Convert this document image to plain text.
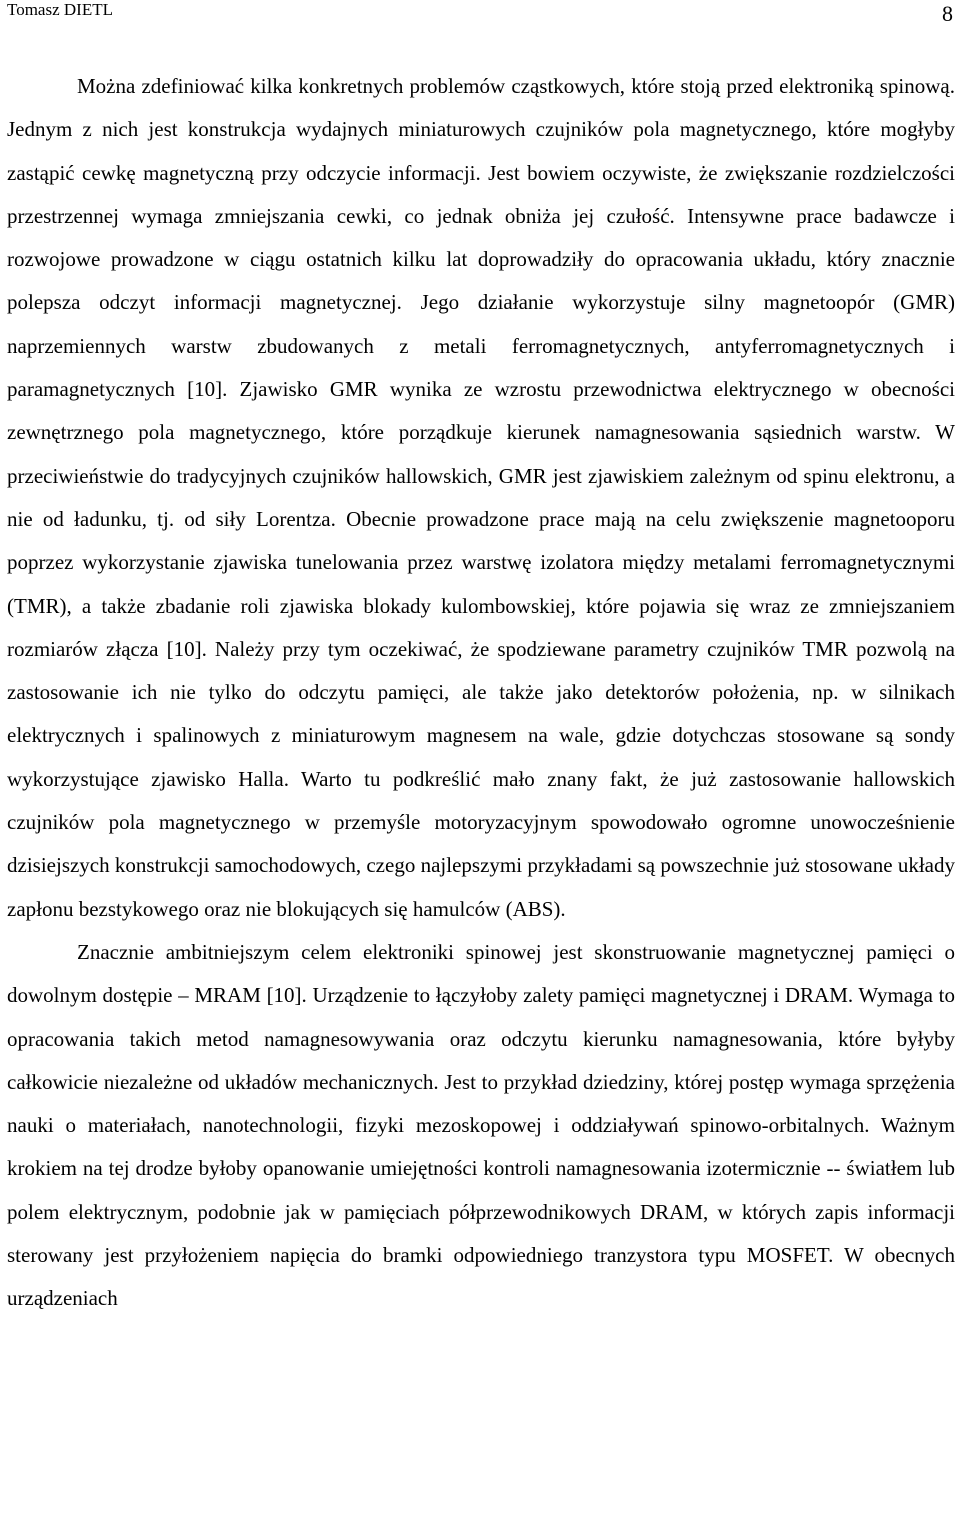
Tomasz DIETL	8

Można zdefiniować kilka konkretnych problemów cząstkowych, które stoją przed elektroniką spinową. Jednym z nich jest konstrukcja wydajnych miniaturowych czujników pola magnetycznego, które mogłyby zastąpić cewkę magnetyczną przy odczycie informacji. Jest bowiem oczywiste, że zwiększanie rozdzielczości przestrzennej wymaga zmniejszania cewki, co jednak obniża jej czułość. Intensywne prace badawcze i rozwojowe prowadzone w ciągu ostatnich kilku lat doprowadziły do opracowania układu, który znacznie polepsza odczyt informacji magnetycznej. Jego działanie wykorzystuje silny magnetoopór (GMR) naprzemiennych warstw zbudowanych z metali ferromagnetycznych, antyferromagnetycznych i paramagnetycznych [10]. Zjawisko GMR wynika ze wzrostu przewodnictwa elektrycznego w obecności zewnętrznego pola magnetycznego, które porządkuje kierunek namagnesowania sąsiednich warstw. W przeciwieństwie do tradycyjnych czujników hallowskich, GMR jest zjawiskiem zależnym od spinu elektronu, a nie od ładunku, tj. od siły Lorentza. Obecnie prowadzone prace mają na celu zwiększenie magnetooporu poprzez wykorzystanie zjawiska tunelowania przez warstwę izolatora między metalami ferromagnetycznymi (TMR), a także zbadanie roli zjawiska blokady kulombowskiej, które pojawia się wraz ze zmniejszaniem rozmiarów złącza [10]. Należy przy tym oczekiwać, że spodziewane parametry czujników TMR pozwolą na zastosowanie ich nie tylko do odczytu pamięci, ale także jako detektorów położenia, np. w silnikach elektrycznych i spalinowych z miniaturowym magnesem na wale, gdzie dotychczas stosowane są sondy wykorzystujące zjawisko Halla. Warto tu podkreślić mało znany fakt, że już zastosowanie hallowskich czujników pola magnetycznego w przemyśle motoryzacyjnym spowodowało ogromne unowocześnienie dzisiejszych konstrukcji samochodowych, czego najlepszymi przykładami są powszechnie już stosowane układy zapłonu bezstykowego oraz nie blokujących się hamulców (ABS).

Znacznie ambitniejszym celem elektroniki spinowej jest skonstruowanie magnetycznej pamięci o dowolnym dostępie – MRAM [10]. Urządzenie to łączyłoby zalety pamięci magnetycznej i DRAM. Wymaga to opracowania takich metod namagnesowywania oraz odczytu kierunku namagnesowania, które byłyby całkowicie niezależne od układów mechanicznych. Jest to przykład dziedziny, której postęp wymaga sprzężenia nauki o materiałach, nanotechnologii, fizyki mezoskopowej i oddziaływań spinowo-orbitalnych. Ważnym krokiem na tej drodze byłoby opanowanie umiejętności kontroli namagnesowania izotermicznie -- światłem lub polem elektrycznym, podobnie jak w pamięciach półprzewodnikowych DRAM, w których zapis informacji sterowany jest przyłożeniem napięcia do bramki odpowiedniego tranzystora typu MOSFET. W obecnych urządzeniach
